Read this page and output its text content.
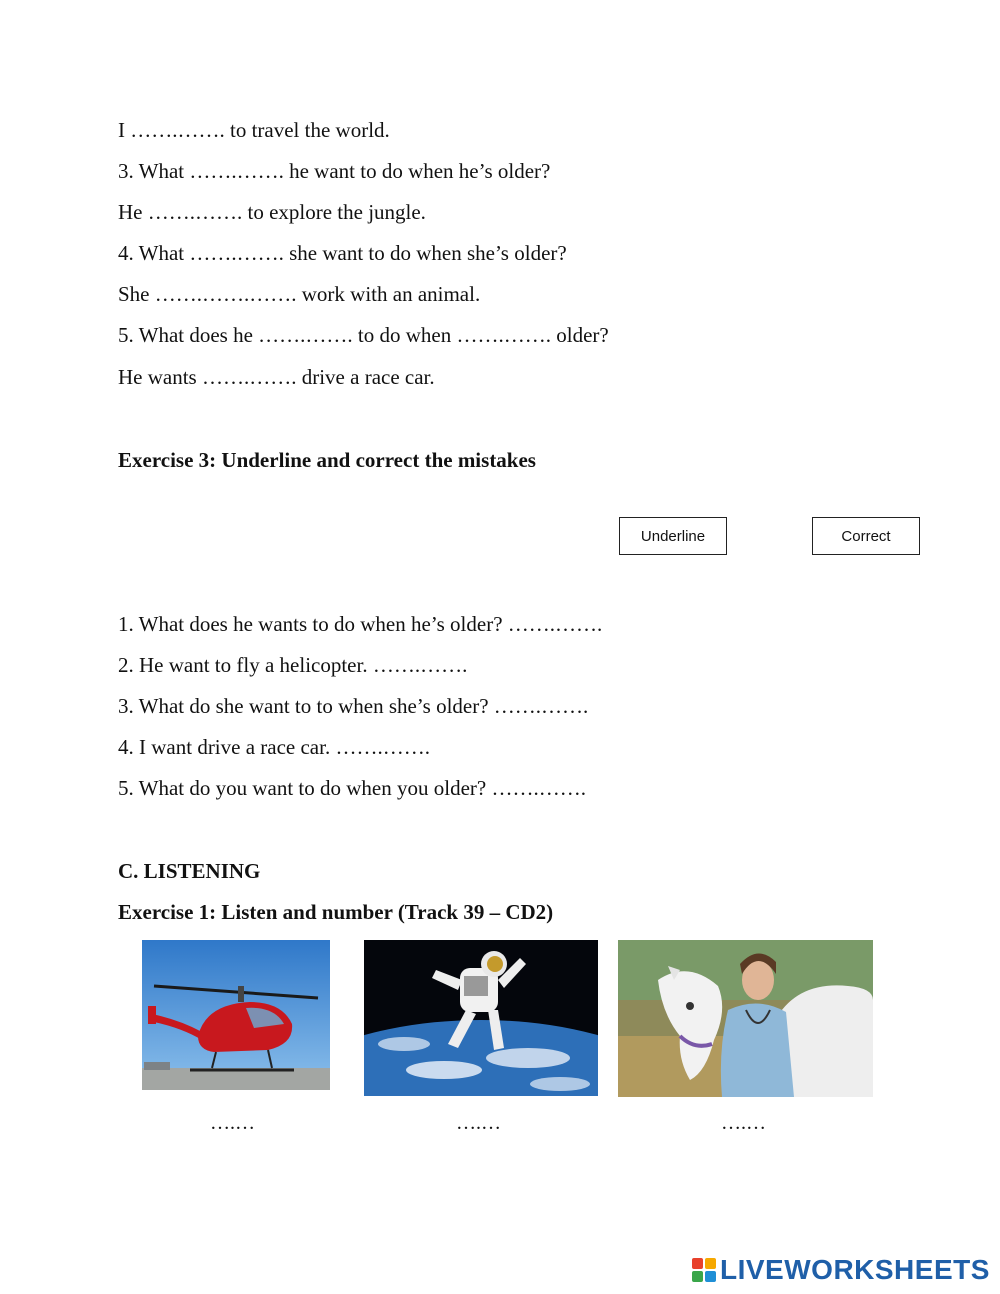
I …….……. to travel the world.
3. What …….……. he want to do when he’s older?
He …….……. to explore the jungle.
4. What …….……. she want to do when she’s older?
She …….…….……. work with an animal.
5. What does he …….……. to do when …….……. older?
He wants …….……. drive a race car.
Exercise 3: Underline and correct the mistakes
Underline	Correct
1. What does he wants to do when he’s older? …….…….
2. He want to fly a helicopter. …….…….
3. What do she want to to when she’s older? …….…….
4. I want drive a race car. …….…….
5. What do you want to do when you older? …….…….
C. LISTENING
Exercise 1: Listen and number (Track 39 – CD2)
….…	….…	….…
LIVEWORKSHEETS
